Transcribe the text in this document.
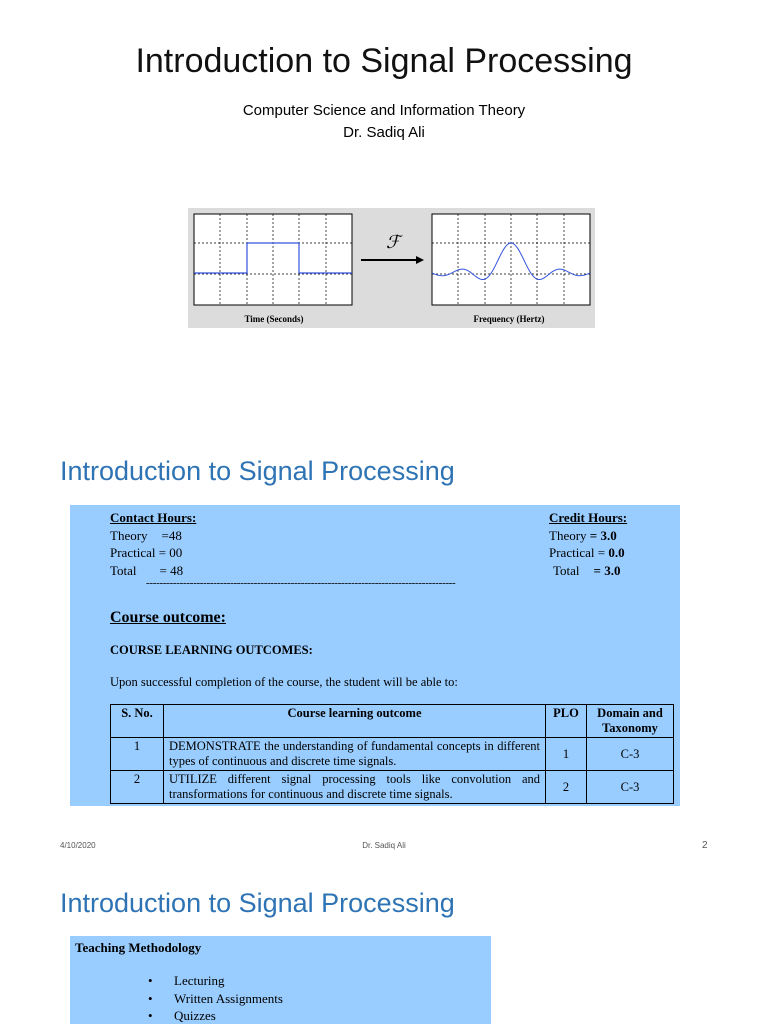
Introduction to Signal Processing
Computer Science and Information Theory
Dr. Sadiq Ali
ℱ
Time (Seconds)	Frequency (Hertz)
Introduction to Signal Processing
Contact Hours:
Theory =48
Practical = 00
Total = 48
Credit Hours:
Theory = 3.0
Practical = 0.0
Total = 3.0
--------------------------------------------------------------------------------------------
Course outcome:
COURSE LEARNING OUTCOMES:
Upon successful completion of the course, the student will be able to:
S. No.	Course learning outcome	PLO	Domain and Taxonomy
1	DEMONSTRATE the understanding of fundamental concepts in different types of continuous and discrete time signals.	1	C-3
2	UTILIZE different signal processing tools like convolution and transformations for continuous and discrete time signals.	2	C-3
4/10/2020	Dr. Sadiq Ali	2
Introduction to Signal Processing
Teaching Methodology
• Lecturing
• Written Assignments
• Quizzes
